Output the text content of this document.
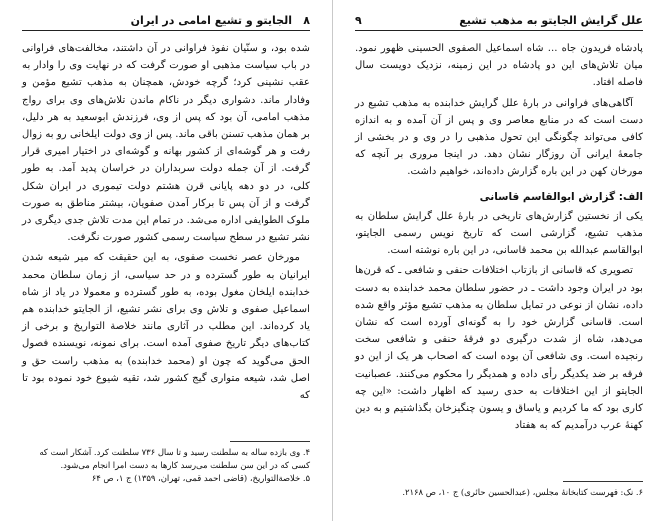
۸
الجایتو و تشیع امامی در ایران

شده بود، و سنّیان نفوذ فراوانی در آن داشتند، مخالفت‌های فراوانی در باب سیاست مذهبی او صورت گرفت که در نهایت وی را وادار به عقب نشینی کرد؛ گرچه خودش، همچنان به مذهب تشیع مؤمن و وفادار ماند. دشواری دیگر در ناکام ماندن تلاش‌های وی برای رواج مذهب امامی، آن بود که پس از وی، فرزندش ابوسعید به هر دلیل، بر همان مذهب تسنن باقی ماند. پس از وی دولت ایلخانی رو به زوال رفت و هر گوشه‌ای از کشور بهانه و گوشه‌ای در اختیار امیری قرار گرفت. از آن جمله دولت سربداران در خراسان پدید آمد. به طور کلی، در دو دهه پایانی قرن هشتم دولت تیموری در ایران شکل گرفت و از آن پس تا برکار آمدن صفویان، بیشتر مناطق به صورت ملوک الطوایفی اداره می‌شد. در تمام این مدت تلاش جدی دیگری در نشر تشیع در سطح سیاست رسمی کشور صورت نگرفت.

مورخان عصر نخست صفوی، به این حقیقت که میر شیعه شدن ایرانیان به طور گسترده و در حد سیاسی، از زمان سلطان محمد خدابنده ایلخان مغول بوده، به طور گسترده و معمولا در یاد از شاه اسماعیل صفوی و تلاش وی برای نشر تشیع، از الجایتو خدابنده هم یاد کرده‌اند. این مطلب در آثاری مانند خلاصة التواریخ و برخی از کتاب‌های دیگر تاریخ صفوی آمده است. برای نمونه، نویسنده فصول الحق می‌گوید که چون او (محمد خدابنده) به مذهب راست حق و اصل شد، شیعه متواری گیج کشور شد، تقیه شیوع خود نموده بود تا که

۴. وی بازده ساله به سلطنت رسید و تا سال ۷۳۶ سلطنت کرد. آشکار است که کسی که در این سن سلطنت می‌رسد کارها به دست امرا انجام می‌شود.
۵. خلاصة‌التواریخ، (قاضی احمد قمی، تهران، ۱۳۵۹) ج ۱، ص ۶۴
۹	علل گرایش الجایتو به مذهب تشیع

پادشاه فریدون جاه ... شاه اسماعیل الصفوی الحسینی ظهور نمود. میان تلاش‌های این دو پادشاه در این زمینه، نزدیک دویست سال فاصله افتاد.

آگاهی‌های فراوانی در بارهٔ علل گرایش خدابنده به مذهب تشیع در دست است که در منابع معاصر وی و پس از آن آمده و به اندازه کافی می‌تواند چگونگی این تحول مذهبی را در وی و در بخشی از جامعهٔ ایرانی آن روزگار نشان دهد. در اینجا مروری بر آنچه که مورخان کهن در این باره گزارش داده‌اند، خواهیم داشت.

الف: گزارش ابوالقاسم قاسانی

یکی از نخستین گزارش‌های تاریخی در بارهٔ علل گرایش سلطان به مذهب تشیع، گزارشی است که تاریخ نویس رسمی الجایتو، ابوالقاسم عبدالله بن محمد قاسانی، در این باره نوشته است.

تصویری که قاسانی از بازتاب اختلافات حنفی و شافعی ـ که قرن‌ها بود در ایران وجود داشت ـ در حضور سلطان محمد خدابنده به دست داده، نشان از نوعی در تمایل سلطان به مذهب تشیع مؤثر واقع شده است. قاسانی گزارش خود را به گونه‌ای آورده است که نشان می‌دهد، شاه از شدت درگیری دو فرقهٔ حنفی و شافعی سخت رنجیده است. وی شافعی آن بوده است که اصحاب هر یک از این دو فرقه بر ضد یکدیگر رأی داده و همدیگر را محکوم می‌کنند. عصبانیت الجایتو از این اختلافات به حدی رسید که اظهار داشت: «این چه کاری بود که ما کردیم و یاساق و یسون چنگیزخان بگذاشتیم و به دین کهنهٔ عرب درآمدیم که به هفتاد

۶. نک: فهرست کتابخانهٔ مجلس، (عبدالحسین حائری) ج ۱۰، ص ۲۱۶۸.
